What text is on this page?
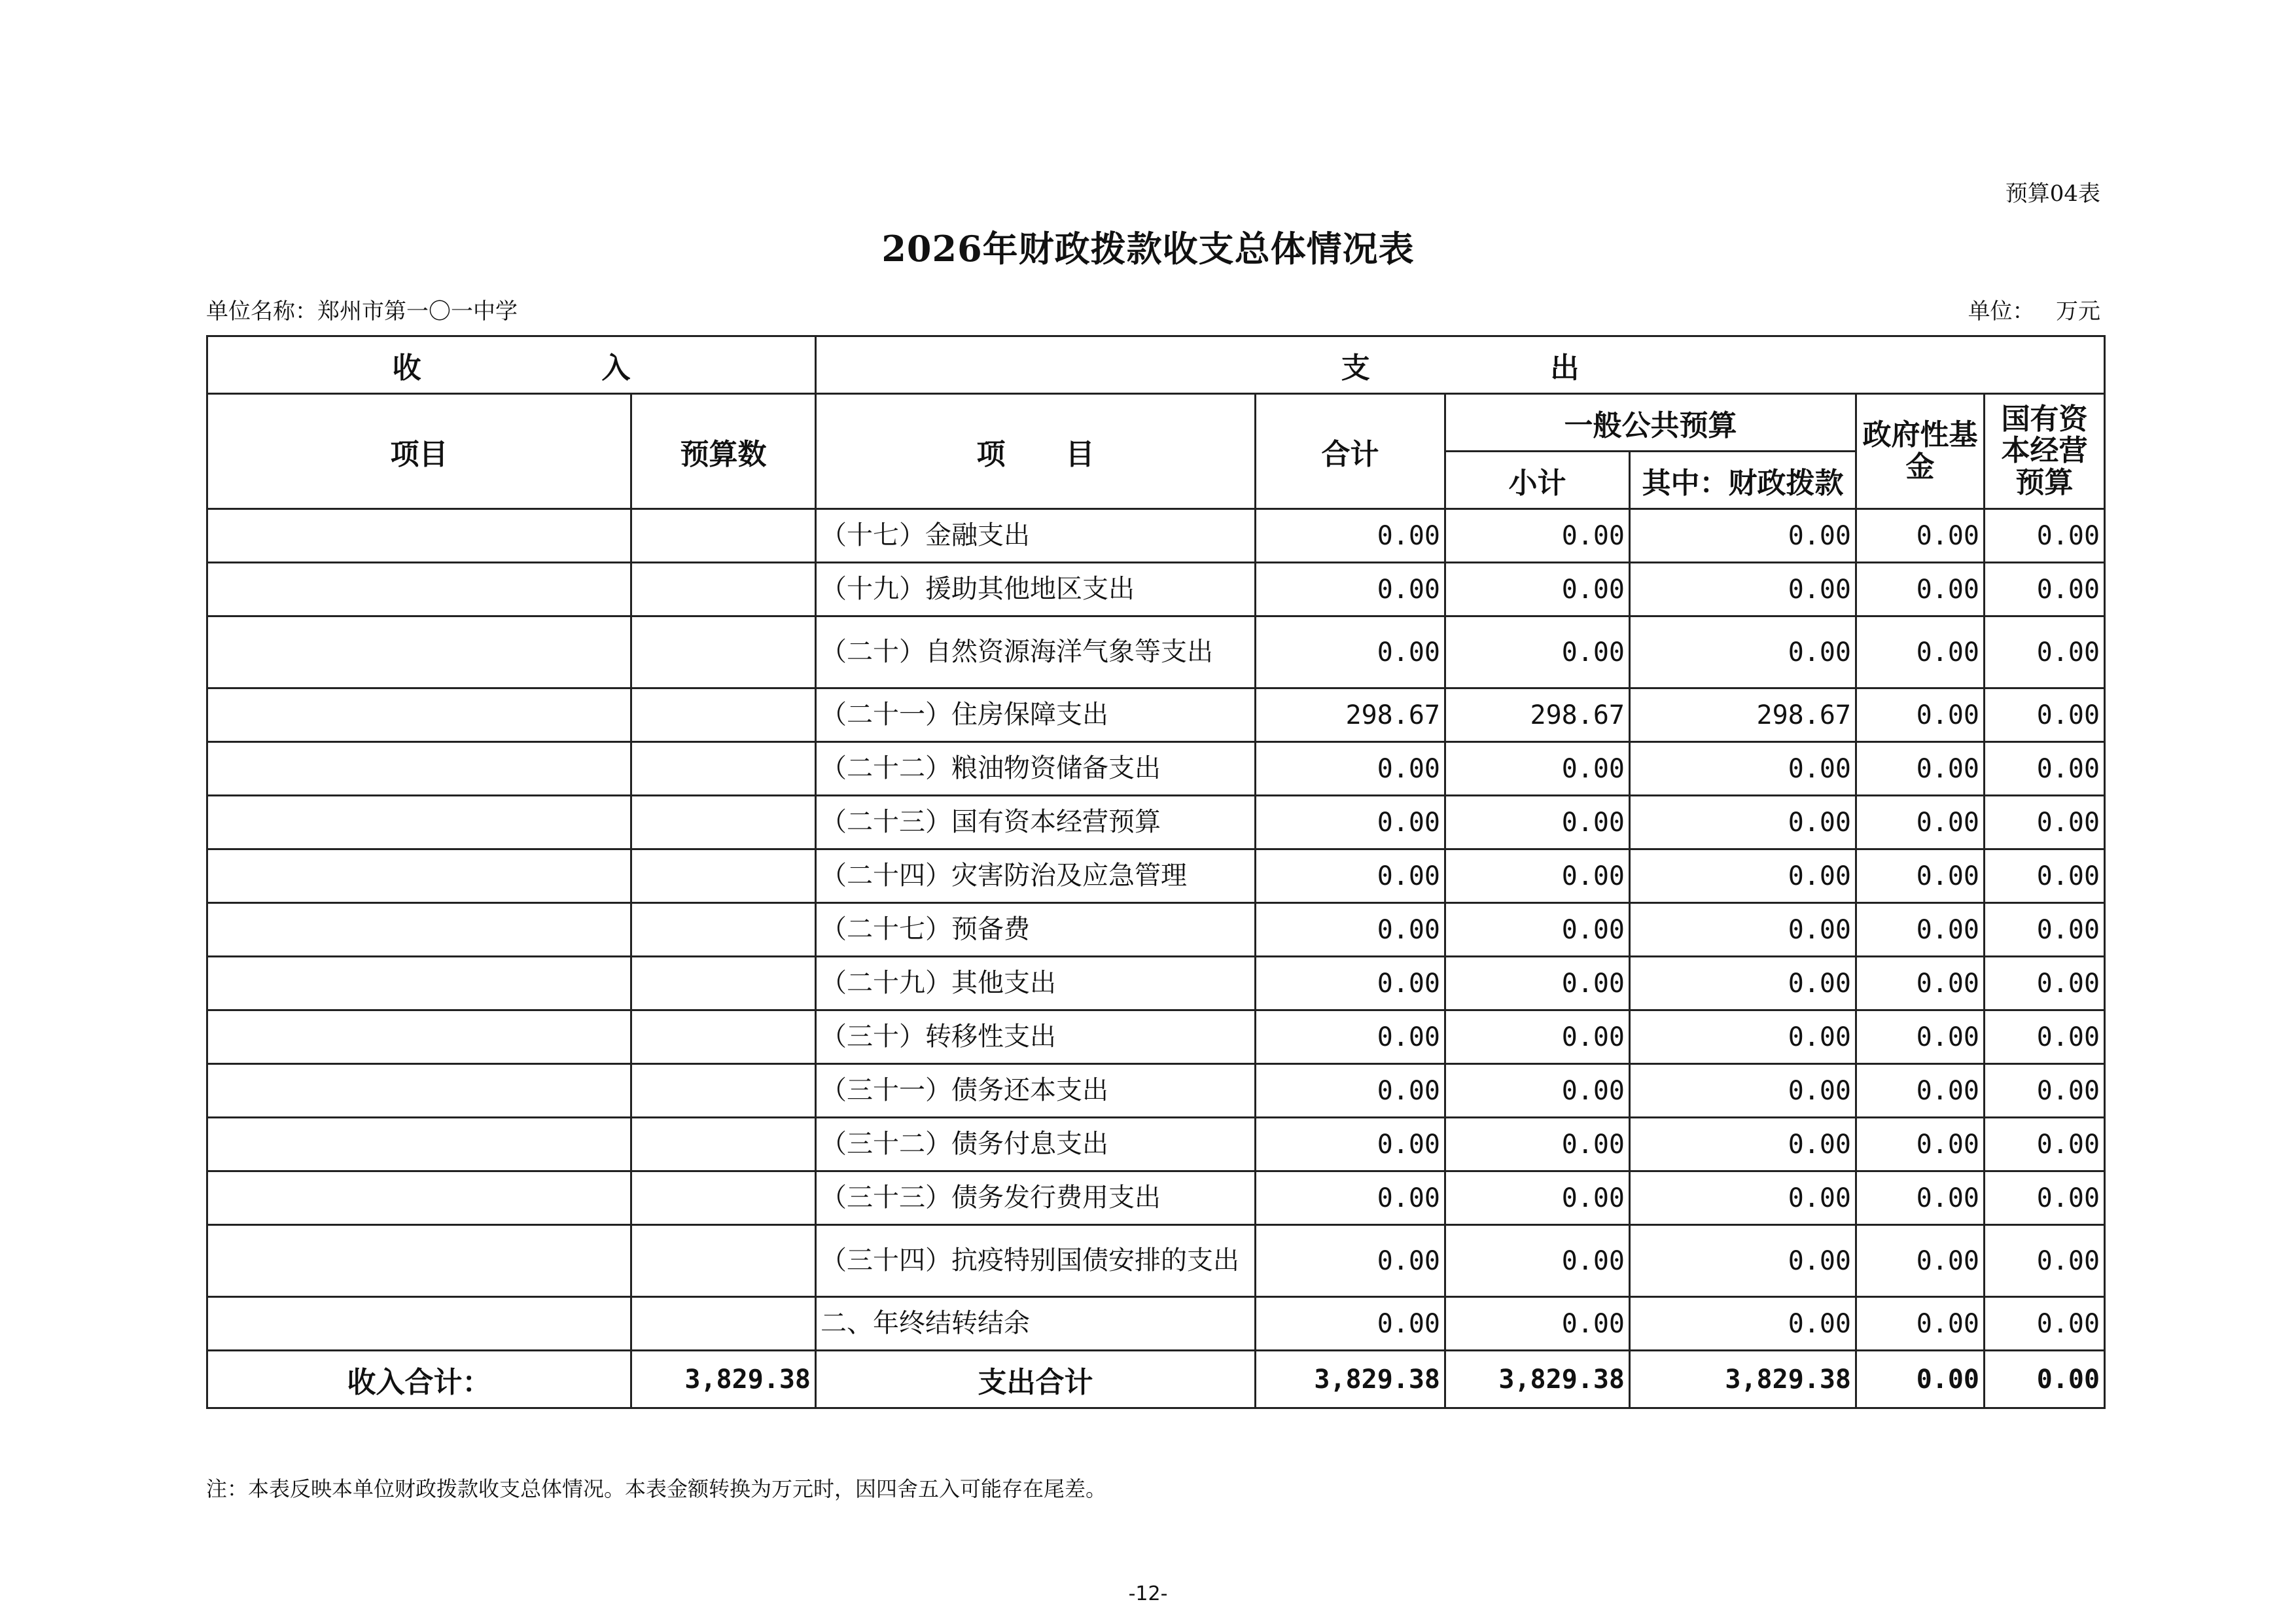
预算04表
2026年财政拨款收支总体情况表
单位名称：郑州市第一〇一中学	单位：   万元
收                  入		支                  出					
项目	预算数	项      目	合计	一般公共预算		政府性基金	国有资本经营预算
				小计	其中：财政拨款		
		（十七）金融支出	0.00	0.00	0.00	0.00	0.00
		（十九）援助其他地区支出	0.00	0.00	0.00	0.00	0.00
		（二十）自然资源海洋气象等支出	0.00	0.00	0.00	0.00	0.00
		（二十一）住房保障支出	298.67	298.67	298.67	0.00	0.00
		（二十二）粮油物资储备支出	0.00	0.00	0.00	0.00	0.00
		（二十三）国有资本经营预算	0.00	0.00	0.00	0.00	0.00
		（二十四）灾害防治及应急管理	0.00	0.00	0.00	0.00	0.00
		（二十七）预备费	0.00	0.00	0.00	0.00	0.00
		（二十九）其他支出	0.00	0.00	0.00	0.00	0.00
		（三十）转移性支出	0.00	0.00	0.00	0.00	0.00
		（三十一）债务还本支出	0.00	0.00	0.00	0.00	0.00
		（三十二）债务付息支出	0.00	0.00	0.00	0.00	0.00
		（三十三）债务发行费用支出	0.00	0.00	0.00	0.00	0.00
		（三十四）抗疫特别国债安排的支出	0.00	0.00	0.00	0.00	0.00
		二、年终结转结余	0.00	0.00	0.00	0.00	0.00
收入合计：	3,829.38	支出合计	3,829.38	3,829.38	3,829.38	0.00	0.00
注：本表反映本单位财政拨款收支总体情况。本表金额转换为万元时，因四舍五入可能存在尾差。
-12-
